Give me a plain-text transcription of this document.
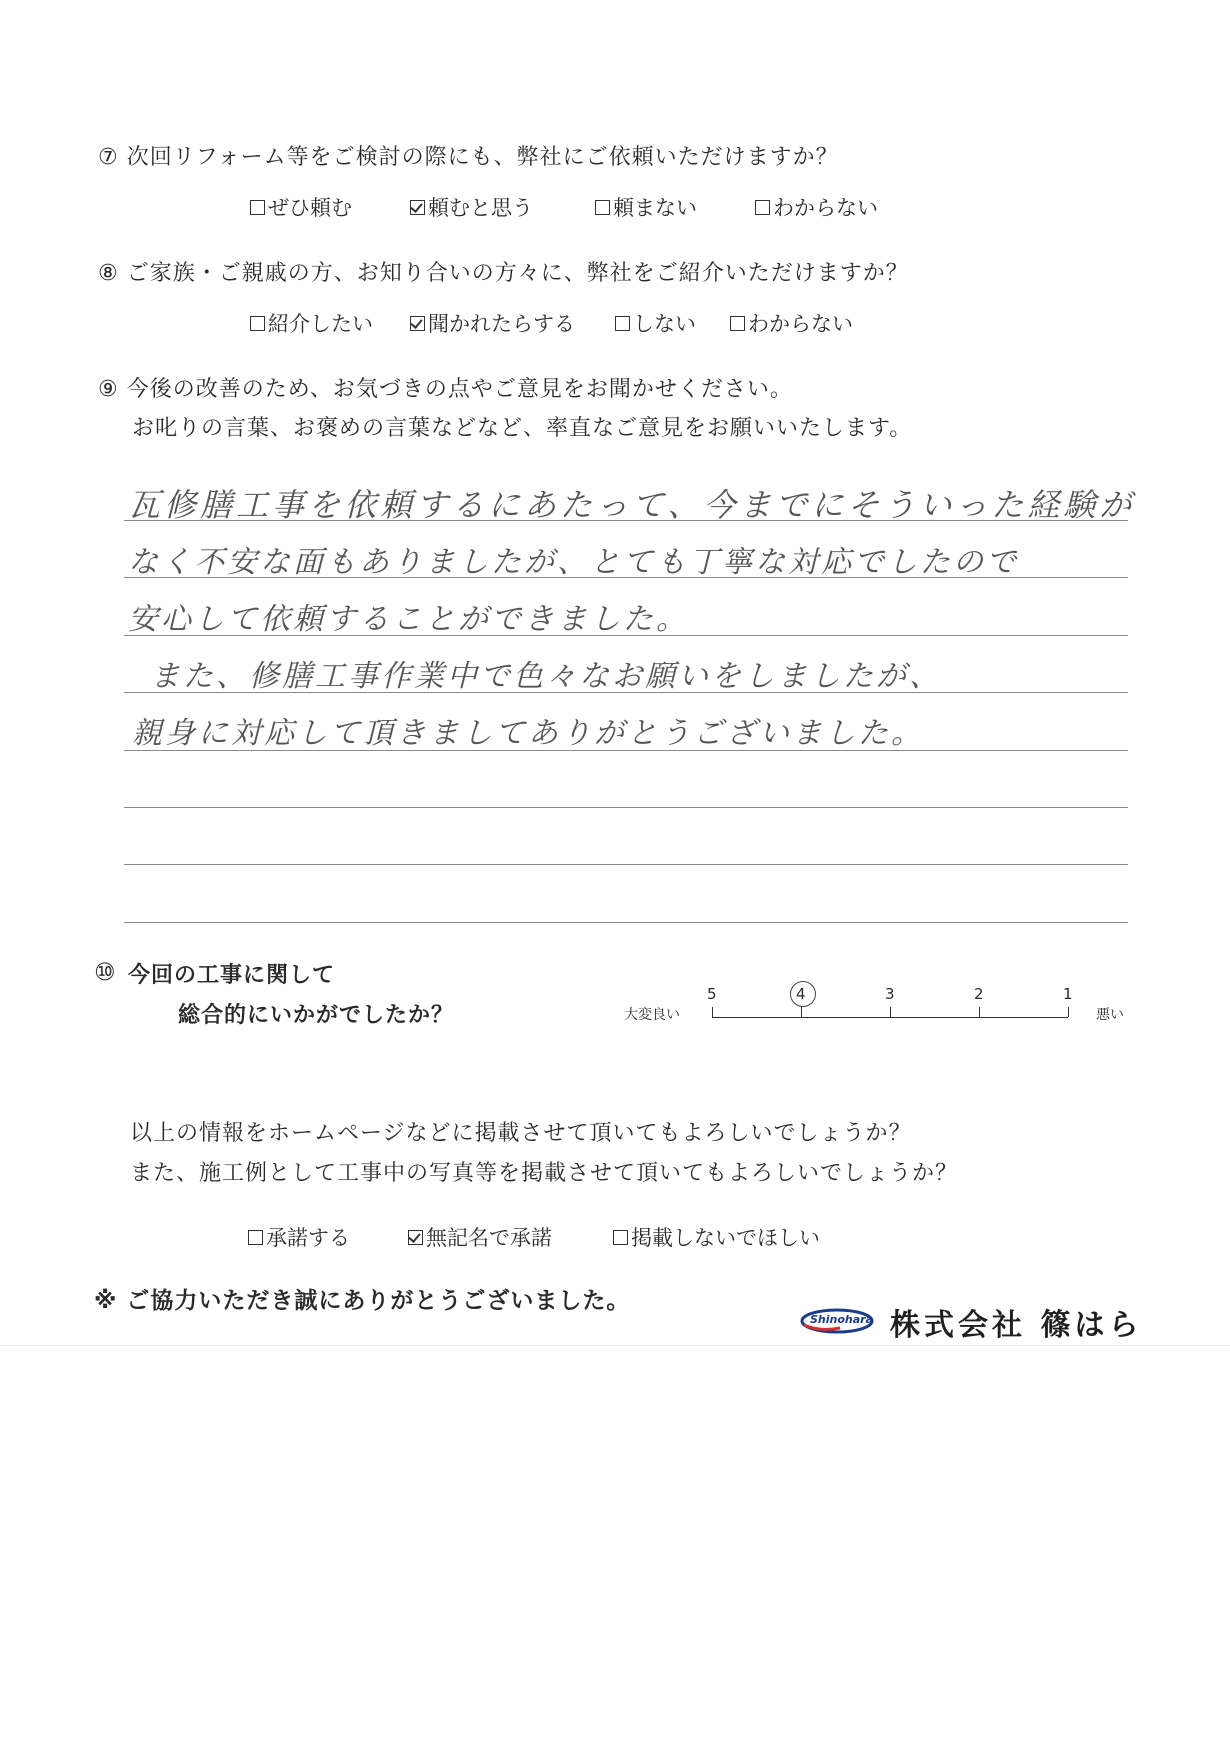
⑦ 次回リフォーム等をご検討の際にも、弊社にご依頼いただけますか？
ぜひ頼む	頼むと思う	頼まない	わからない
⑧ ご家族・ご親戚の方、お知り合いの方々に、弊社をご紹介いただけますか？
紹介したい	聞かれたらする	しない わからない
⑨ 今後の改善のため、お気づきの点やご意見をお聞かせください。
お叱りの言葉、お褒めの言葉などなど、率直なご意見をお願いいたします。
瓦修膳工事を依頼するにあたって、今までにそういった経験が
なく不安な面もありましたが、とても丁寧な対応でしたので
安心して依頼することができました。
また、修膳工事作業中で色々なお願いをしましたが、
親身に対応して頂きましてありがとうございました。
⑩ 今回の工事に関して
総合的にいかがでしたか？	大変良い	悪い
5	4	3	2	1
以上の情報をホームページなどに掲載させて頂いてもよろしいでしょうか？
また、施工例として工事中の写真等を掲載させて頂いてもよろしいでしょうか？
承諾する	無記名で承諾	掲載しないでほしい
※ ご協力いただき誠にありがとうございました。
Shinohara 株式会社 篠はら
